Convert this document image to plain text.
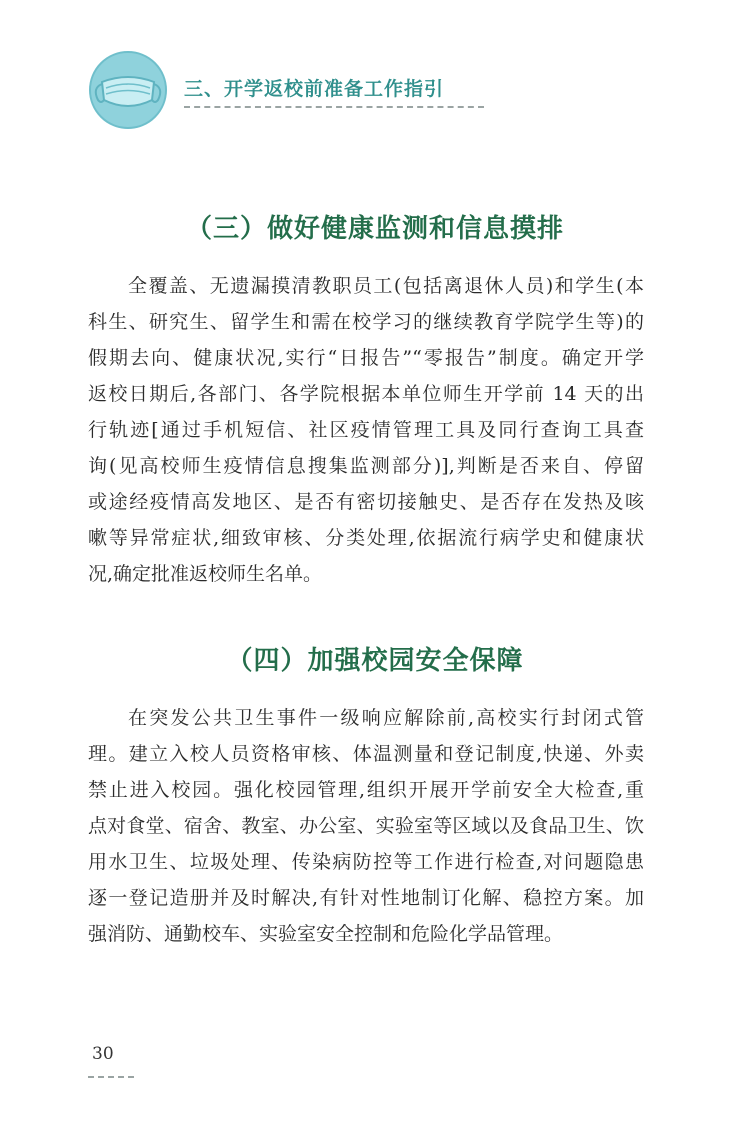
三、开学返校前准备工作指引
（三）做好健康监测和信息摸排
全覆盖、无遗漏摸清教职员工(包括离退休人员)和学生(本
科生、研究生、留学生和需在校学习的继续教育学院学生等)的
假期去向、健康状况,实行“日报告”“零报告”制度。确定开学
返校日期后,各部门、各学院根据本单位师生开学前 14 天的出
行轨迹[通过手机短信、社区疫情管理工具及同行查询工具查
询(见高校师生疫情信息搜集监测部分)],判断是否来自、停留
或途经疫情高发地区、是否有密切接触史、是否存在发热及咳
嗽等异常症状,细致审核、分类处理,依据流行病学史和健康状
况,确定批准返校师生名单。
（四）加强校园安全保障
在突发公共卫生事件一级响应解除前,高校实行封闭式管
理。建立入校人员资格审核、体温测量和登记制度,快递、外卖
禁止进入校园。强化校园管理,组织开展开学前安全大检查,重
点对食堂、宿舍、教室、办公室、实验室等区域以及食品卫生、饮
用水卫生、垃圾处理、传染病防控等工作进行检查,对问题隐患
逐一登记造册并及时解决,有针对性地制订化解、稳控方案。加
强消防、通勤校车、实验室安全控制和危险化学品管理。
30
